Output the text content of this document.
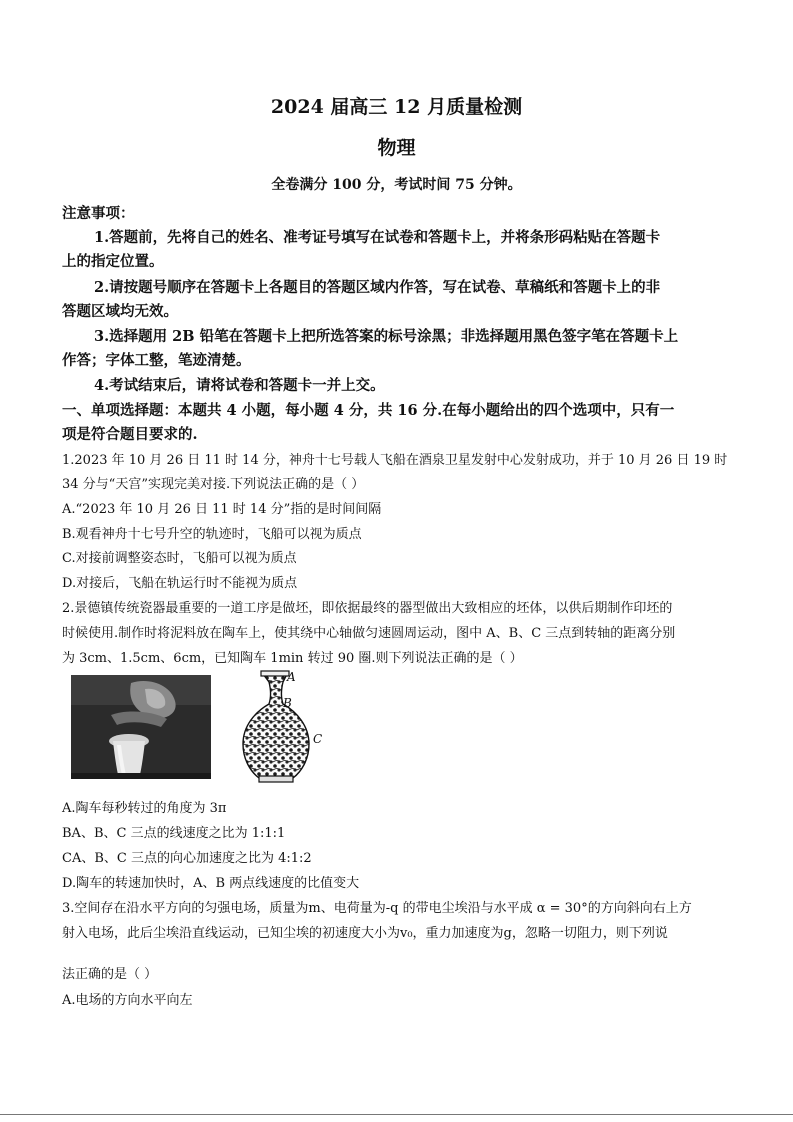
2024 届高三 12 月质量检测
物理
全卷满分 100 分，考试时间 75 分钟。
注意事项：
1.答题前，先将自己的姓名、准考证号填写在试卷和答题卡上，并将条形码粘贴在答题卡
上的指定位置。
2.请按题号顺序在答题卡上各题目的答题区域内作答，写在试卷、草稿纸和答题卡上的非
答题区域均无效。
3.选择题用 2B 铅笔在答题卡上把所选答案的标号涂黑；非选择题用黑色签字笔在答题卡上
作答；字体工整，笔迹清楚。
4.考试结束后，请将试卷和答题卡一并上交。
一、单项选择题：本题共 4 小题，每小题 4 分，共 16 分.在每小题给出的四个选项中，只有一
项是符合题目要求的.
1.2023 年 10 月 26 日 11 时 14 分，神舟十七号载人飞船在酒泉卫星发射中心发射成功，并于 10 月 26 日 19 时
34 分与“天宫”实现完美对接.下列说法正确的是（ ）
A.“2023 年 10 月 26 日 11 时 14 分”指的是时间间隔
B.观看神舟十七号升空的轨迹时，飞船可以视为质点
C.对接前调整姿态时，飞船可以视为质点
D.对接后，飞船在轨运行时不能视为质点
2.景德镇传统瓷器最重要的一道工序是做坯，即依据最终的器型做出大致相应的坯体，以供后期制作印坯的
时候使用.制作时将泥料放在陶车上，使其绕中心轴做匀速圆周运动，图中 A、B、C 三点到转轴的距离分别
为 3cm、1.5cm、6cm，已知陶车 1min 转过 90 圈.则下列说法正确的是（ ）
A
B
C
A.陶车每秒转过的角度为 3π
BA、B、C 三点的线速度之比为 1:1:1
CA、B、C 三点的向心加速度之比为 4:1:2
D.陶车的转速加快时，A、B 两点线速度的比值变大
3.空间存在沿水平方向的匀强电场，质量为m、电荷量为-q 的带电尘埃沿与水平成 α = 30°的方向斜向右上方
射入电场，此后尘埃沿直线运动，已知尘埃的初速度大小为v₀，重力加速度为g，忽略一切阻力，则下列说
法正确的是（ ）
A.电场的方向水平向左
